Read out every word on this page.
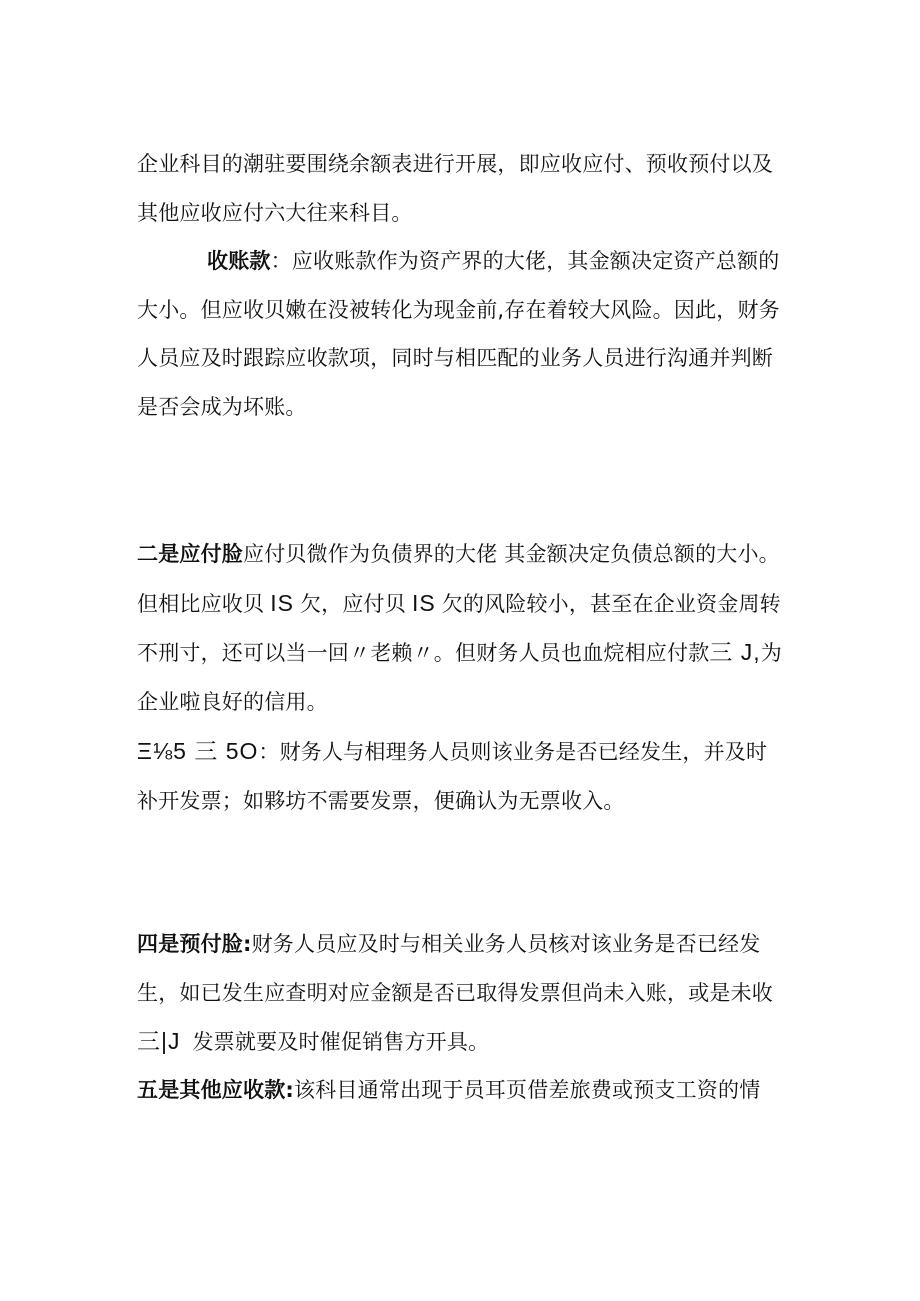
企业科目的潮驻要围绕余额表进行开展，即应收应付、预收预付以及
其他应收应付六大往来科目。

收账款：应收账款作为资产界的大佬，其金额决定资产总额的
大小。但应收贝嫩在没被转化为现金前,存在着较大风险。因此，财务
人员应及时跟踪应收款项，同时与相匹配的业务人员进行沟通并判断
是否会成为坏账。

二是应付脸应付贝微作为负债界的大佬 其金额决定负债总额的大小。
但相比应收贝 IS 欠，应付贝 IS 欠的风险较小，甚至在企业资金周转
不刑寸，还可以当一回〃老赖〃。但财务人员也血烷相应付款三 J,为
企业啦良好的信用。

Ξ⅛5 三 5O：财务人与相理务人员则该业务是否已经发生，并及时
补开发票；如夥坊不需要发票，便确认为无票收入。

四是预付脸:财务人员应及时与相关业务人员核对该业务是否已经发
生，如已发生应查明对应金额是否已取得发票但尚未入账，或是未收
三|J 发票就要及时催促销售方开具。

五是其他应收款:该科目通常出现于员耳页借差旅费或预支工资的情
